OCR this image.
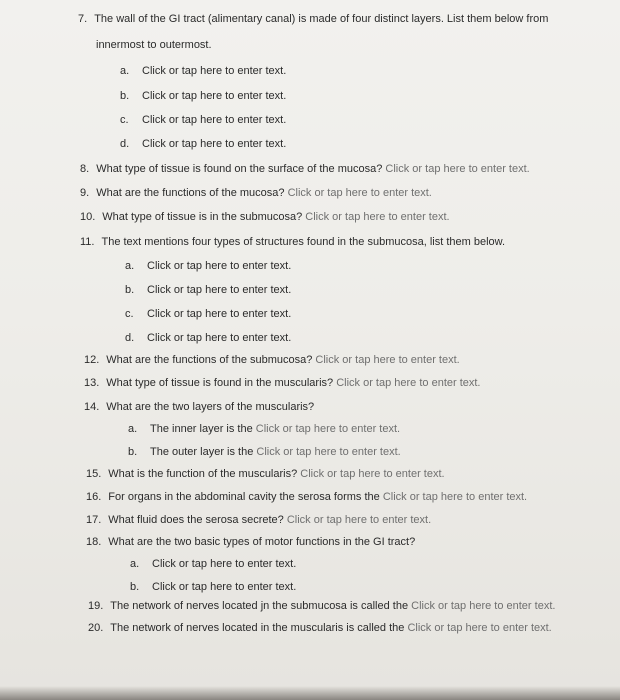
7. The wall of the GI tract (alimentary canal) is made of four distinct layers. List them below from
innermost to outermost.
a. Click or tap here to enter text.
b. Click or tap here to enter text.
c. Click or tap here to enter text.
d. Click or tap here to enter text.
8. What type of tissue is found on the surface of the mucosa? Click or tap here to enter text.
9. What are the functions of the mucosa? Click or tap here to enter text.
10. What type of tissue is in the submucosa? Click or tap here to enter text.
11. The text mentions four types of structures found in the submucosa, list them below.
a. Click or tap here to enter text.
b. Click or tap here to enter text.
c. Click or tap here to enter text.
d. Click or tap here to enter text.
12. What are the functions of the submucosa? Click or tap here to enter text.
13. What type of tissue is found in the muscularis? Click or tap here to enter text.
14. What are the two layers of the muscularis?
a. The inner layer is the Click or tap here to enter text.
b. The outer layer is the Click or tap here to enter text.
15. What is the function of the muscularis? Click or tap here to enter text.
16. For organs in the abdominal cavity the serosa forms the Click or tap here to enter text.
17. What fluid does the serosa secrete? Click or tap here to enter text.
18. What are the two basic types of motor functions in the GI tract?
a. Click or tap here to enter text.
b. Click or tap here to enter text.
19. The network of nerves located jn the submucosa is called the Click or tap here to enter text.
20. The network of nerves located in the muscularis is called the Click or tap here to enter text.
